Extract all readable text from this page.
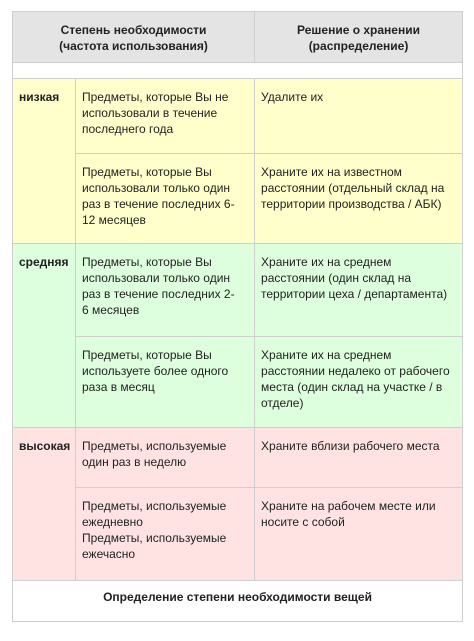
Степень необходимости
(частота использования)		Решение о хранении
(распределение)

низкая	Предметы, которые Вы не
использовали в течение
последнего года	Удалите их

	Предметы, которые Вы
использовали только один
раз в течение последних 6-
12 месяцев	Храните их на известном
расстоянии (отдельный склад на
территории производства / АБК)

средняя	Предметы, которые Вы
использовали только один
раз в течение последних 2-
6 месяцев	Храните их на среднем
расстоянии (один склад на
территории цеха / департамента)

	Предметы, которые Вы
используете более одного
раза в месяц	Храните их на среднем
расстоянии недалеко от рабочего
места (один склад на участке / в
отделе)

высокая	Предметы, используемые
один раз в неделю	Храните вблизи рабочего места

	Предметы, используемые
ежедневно
Предметы, используемые
ежечасно	Храните на рабочем месте или
носите с собой

Определение степени необходимости вещей		
